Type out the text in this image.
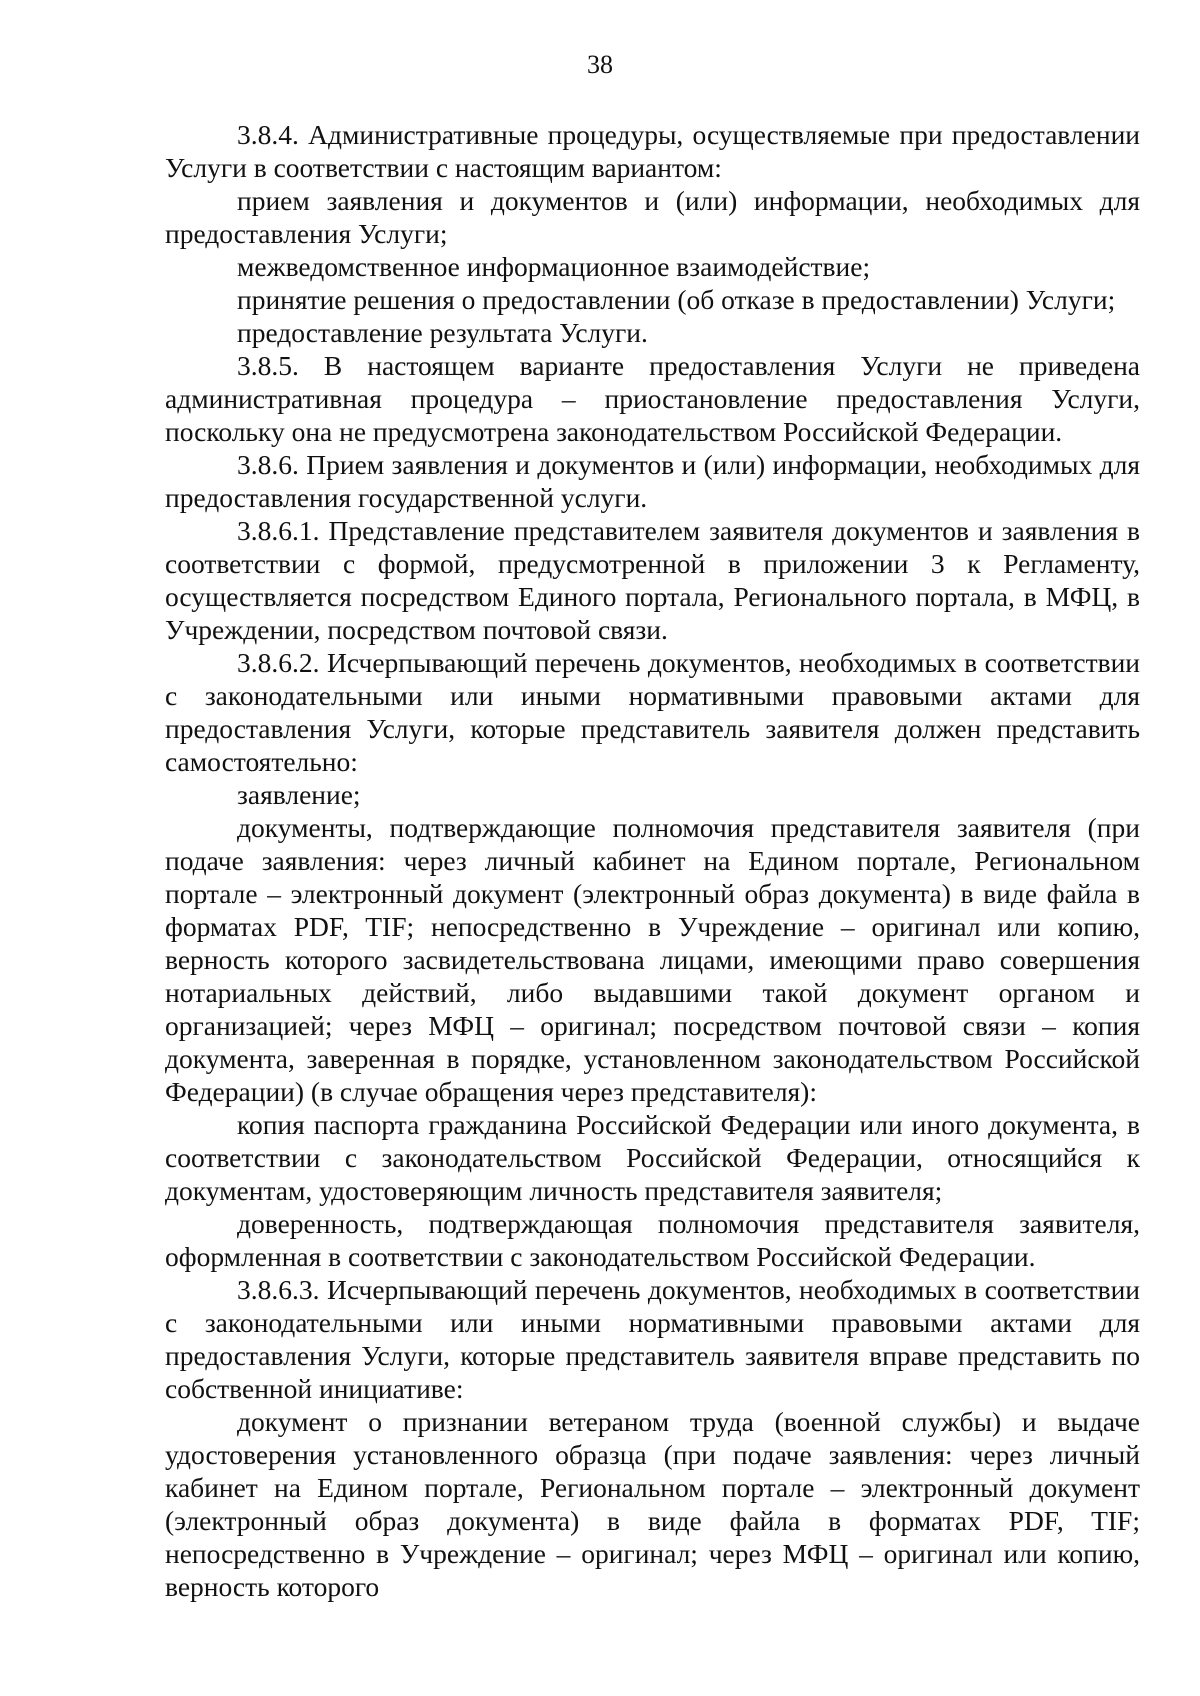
38

3.8.4. Административные процедуры, осуществляемые при предоставлении Услуги в соответствии с настоящим вариантом:

прием заявления и документов и (или) информации, необходимых для предоставления Услуги;

межведомственное информационное взаимодействие;

принятие решения о предоставлении (об отказе в предоставлении) Услуги;

предоставление результата Услуги.

3.8.5. В настоящем варианте предоставления Услуги не приведена административная процедура – приостановление предоставления Услуги, поскольку она не предусмотрена законодательством Российской Федерации.

3.8.6. Прием заявления и документов и (или) информации, необходимых для предоставления государственной услуги.

3.8.6.1. Представление представителем заявителя документов и заявления в соответствии с формой, предусмотренной в приложении 3 к Регламенту, осуществляется посредством Единого портала, Регионального портала, в МФЦ, в Учреждении, посредством почтовой связи.

3.8.6.2. Исчерпывающий перечень документов, необходимых в соответствии с законодательными или иными нормативными правовыми актами для предоставления Услуги, которые представитель заявителя должен представить самостоятельно:

заявление;

документы, подтверждающие полномочия представителя заявителя (при подаче заявления: через личный кабинет на Едином портале, Региональном портале – электронный документ (электронный образ документа) в виде файла в форматах PDF, TIF; непосредственно в Учреждение – оригинал или копию, верность которого засвидетельствована лицами, имеющими право совершения нотариальных действий, либо выдавшими такой документ органом и организацией; через МФЦ – оригинал; посредством почтовой связи – копия документа, заверенная в порядке, установленном законодательством Российской Федерации) (в случае обращения через представителя):

копия паспорта гражданина Российской Федерации или иного документа, в соответствии с законодательством Российской Федерации, относящийся к документам, удостоверяющим личность представителя заявителя;

доверенность, подтверждающая полномочия представителя заявителя, оформленная в соответствии с законодательством Российской Федерации.

3.8.6.3. Исчерпывающий перечень документов, необходимых в соответствии с законодательными или иными нормативными правовыми актами для предоставления Услуги, которые представитель заявителя вправе представить по собственной инициативе:

документ о признании ветераном труда (военной службы) и выдаче удостоверения установленного образца (при подаче заявления: через личный кабинет на Едином портале, Региональном портале – электронный документ (электронный образ документа) в виде файла в форматах PDF, TIF; непосредственно в Учреждение – оригинал; через МФЦ – оригинал или копию, верность которого
